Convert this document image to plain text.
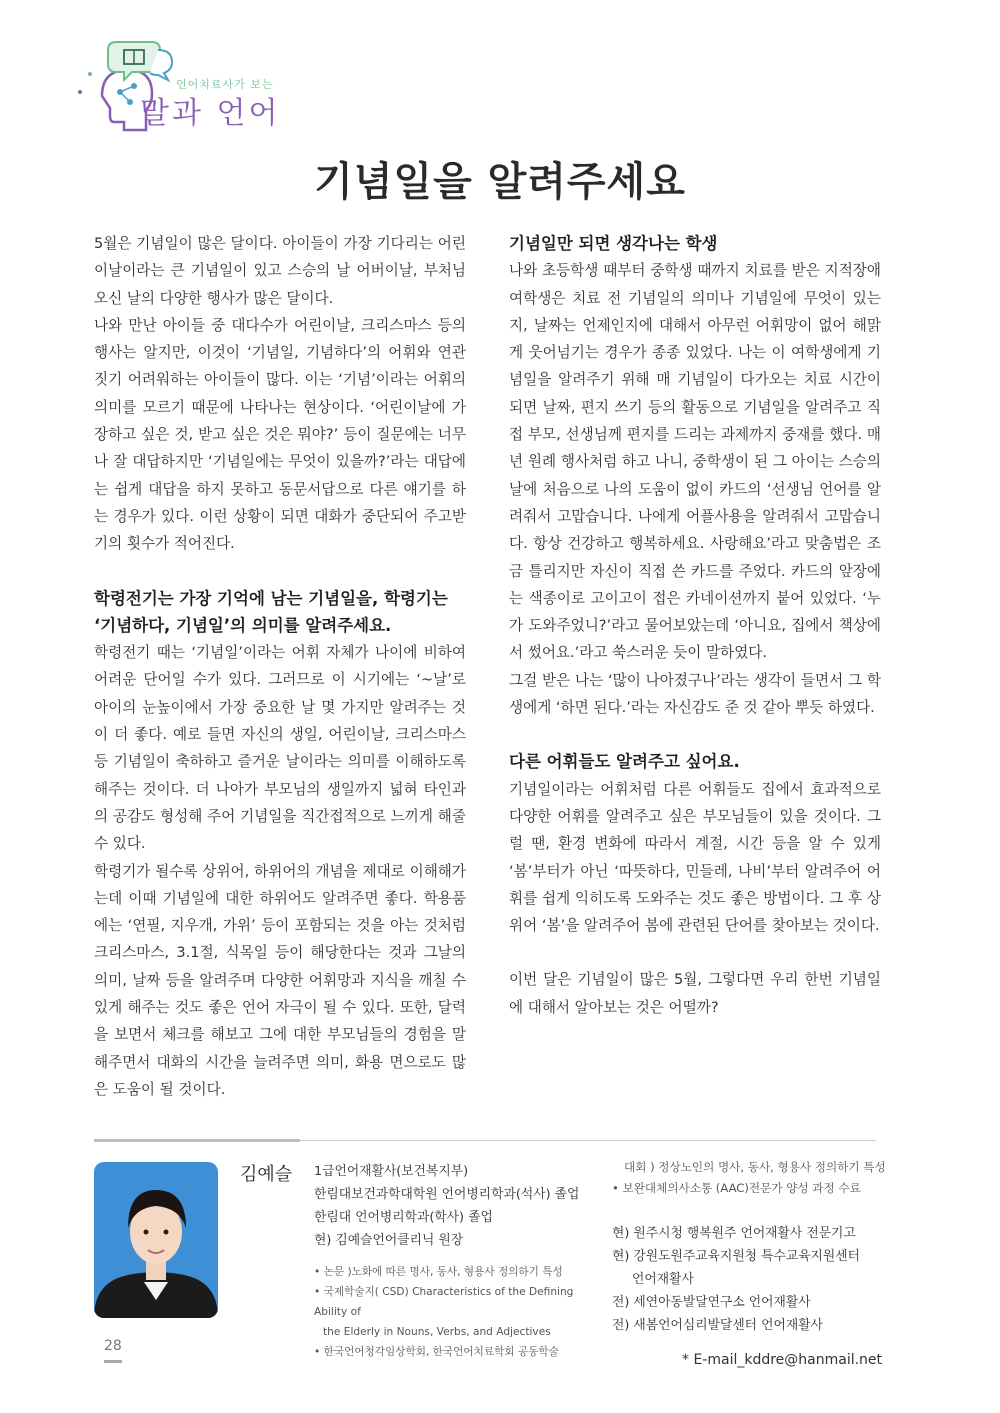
언어치료사가 보는
말과 언어
기념일을 알려주세요

5월은 기념일이 많은 달이다. 아이들이 가장 기다리는 어린이날이라는 큰 기념일이 있고 스승의 날 어버이날, 부처님 오신 날의 다양한 행사가 많은 달이다.

나와 만난 아이들 중 대다수가 어린이날, 크리스마스 등의 행사는 알지만, 이것이 ‘기념일, 기념하다’의 어휘와 연관 짓기 어려워하는 아이들이 많다. 이는 ‘기념’이라는 어휘의 의미를 모르기 때문에 나타나는 현상이다. ‘어린이날에 가장하고 싶은 것, 받고 싶은 것은 뭐야?’ 등이 질문에는 너무나 잘 대답하지만 ‘기념일에는 무엇이 있을까?’라는 대답에는 쉽게 대답을 하지 못하고 동문서답으로 다른 얘기를 하는 경우가 있다. 이런 상황이 되면 대화가 중단되어 주고받기의 횟수가 적어진다.

학령전기는 가장 기억에 남는 기념일을, 학령기는 ‘기념하다, 기념일’의 의미를 알려주세요.

학령전기 때는 ‘기념일’이라는 어휘 자체가 나이에 비하여 어려운 단어일 수가 있다. 그러므로 이 시기에는 ‘~날’로 아이의 눈높이에서 가장 중요한 날 몇 가지만 알려주는 것이 더 좋다. 예로 들면 자신의 생일, 어린이날, 크리스마스 등 기념일이 축하하고 즐거운 날이라는 의미를 이해하도록 해주는 것이다. 더 나아가 부모님의 생일까지 넓혀 타인과의 공감도 형성해 주어 기념일을 직간접적으로 느끼게 해줄 수 있다.

학령기가 될수록 상위어, 하위어의 개념을 제대로 이해해가는데 이때 기념일에 대한 하위어도 알려주면 좋다. 학용품에는 ‘연필, 지우개, 가위’ 등이 포함되는 것을 아는 것처럼 크리스마스, 3.1절, 식목일 등이 해당한다는 것과 그날의 의미, 날짜 등을 알려주며 다양한 어휘망과 지식을 깨칠 수 있게 해주는 것도 좋은 언어 자극이 될 수 있다. 또한, 달력을 보면서 체크를 해보고 그에 대한 부모님들의 경험을 말해주면서 대화의 시간을 늘려주면 의미, 화용 면으로도 많은 도움이 될 것이다.

기념일만 되면 생각나는 학생

나와 초등학생 때부터 중학생 때까지 치료를 받은 지적장애 여학생은 치료 전 기념일의 의미나 기념일에 무엇이 있는지, 날짜는 언제인지에 대해서 아무런 어휘망이 없어 해맑게 웃어넘기는 경우가 종종 있었다. 나는 이 여학생에게 기념일을 알려주기 위해 매 기념일이 다가오는 치료 시간이 되면 날짜, 편지 쓰기 등의 활동으로 기념일을 알려주고 직접 부모, 선생님께 편지를 드리는 과제까지 중재를 했다. 매년 원례 행사처럼 하고 나니, 중학생이 된 그 아이는 스승의 날에 처음으로 나의 도움이 없이 카드의 ‘선생님 언어를 알려줘서 고맙습니다. 나에게 어플사용을 알려줘서 고맙습니다. 항상 건강하고 행복하세요. 사랑해요’라고 맞춤법은 조금 틀리지만 자신이 직접 쓴 카드를 주었다. 카드의 앞장에는 색종이로 고이고이 접은 카네이션까지 붙어 있었다. ‘누가 도와주었니?’라고 물어보았는데 ‘아니요, 집에서 책상에서 썼어요.’라고 쑥스러운 듯이 말하였다.

그걸 받은 나는 ‘많이 나아졌구나’라는 생각이 들면서 그 학생에게 ‘하면 된다.’라는 자신감도 준 것 같아 뿌듯 하였다.

다른 어휘들도 알려주고 싶어요.

기념일이라는 어휘처럼 다른 어휘들도 집에서 효과적으로 다양한 어휘를 알려주고 싶은 부모님들이 있을 것이다. 그럴 땐, 환경 변화에 따라서 계절, 시간 등을 알 수 있게 ‘봄’부터가 아닌 ‘따뜻하다, 민들레, 나비’부터 알려주어 어휘를 쉽게 익히도록 도와주는 것도 좋은 방법이다. 그 후 상위어 ‘봄’을 알려주어 봄에 관련된 단어를 찾아보는 것이다.

이번 달은 기념일이 많은 5월, 그렇다면 우리 한번 기념일에 대해서 알아보는 것은 어떨까?

김예슬 1급언어재활사(보건복지부)
한림대보건과학대학원 언어병리학과(석사) 졸업
한림대 언어병리학과(학사) 졸업
현) 김예슬언어클리닉 원장
• 논문 )노화에 따른 명사, 동사, 형용사 정의하기 특성
• 국제학술지( CSD) Characteristics of the Defining Ability of
the Elderly in Nouns, Verbs, and Adjectives
• 한국언어청각임상학회, 한국언어치료학회 공동학술
대회 ) 정상노인의 명사, 동사, 형용사 정의하기 특성
• 보완대체의사소통 (AAC)전문가 양성 과정 수료
현) 원주시청 행복원주 언어재활사 전문기고
현) 강원도원주교육지원청 특수교육지원센터
언어재활사
전) 세연아동발달연구소 언어재활사
전) 새봄언어심리발달센터 언어재활사
* E-mail_kddre@hanmail.net
28
